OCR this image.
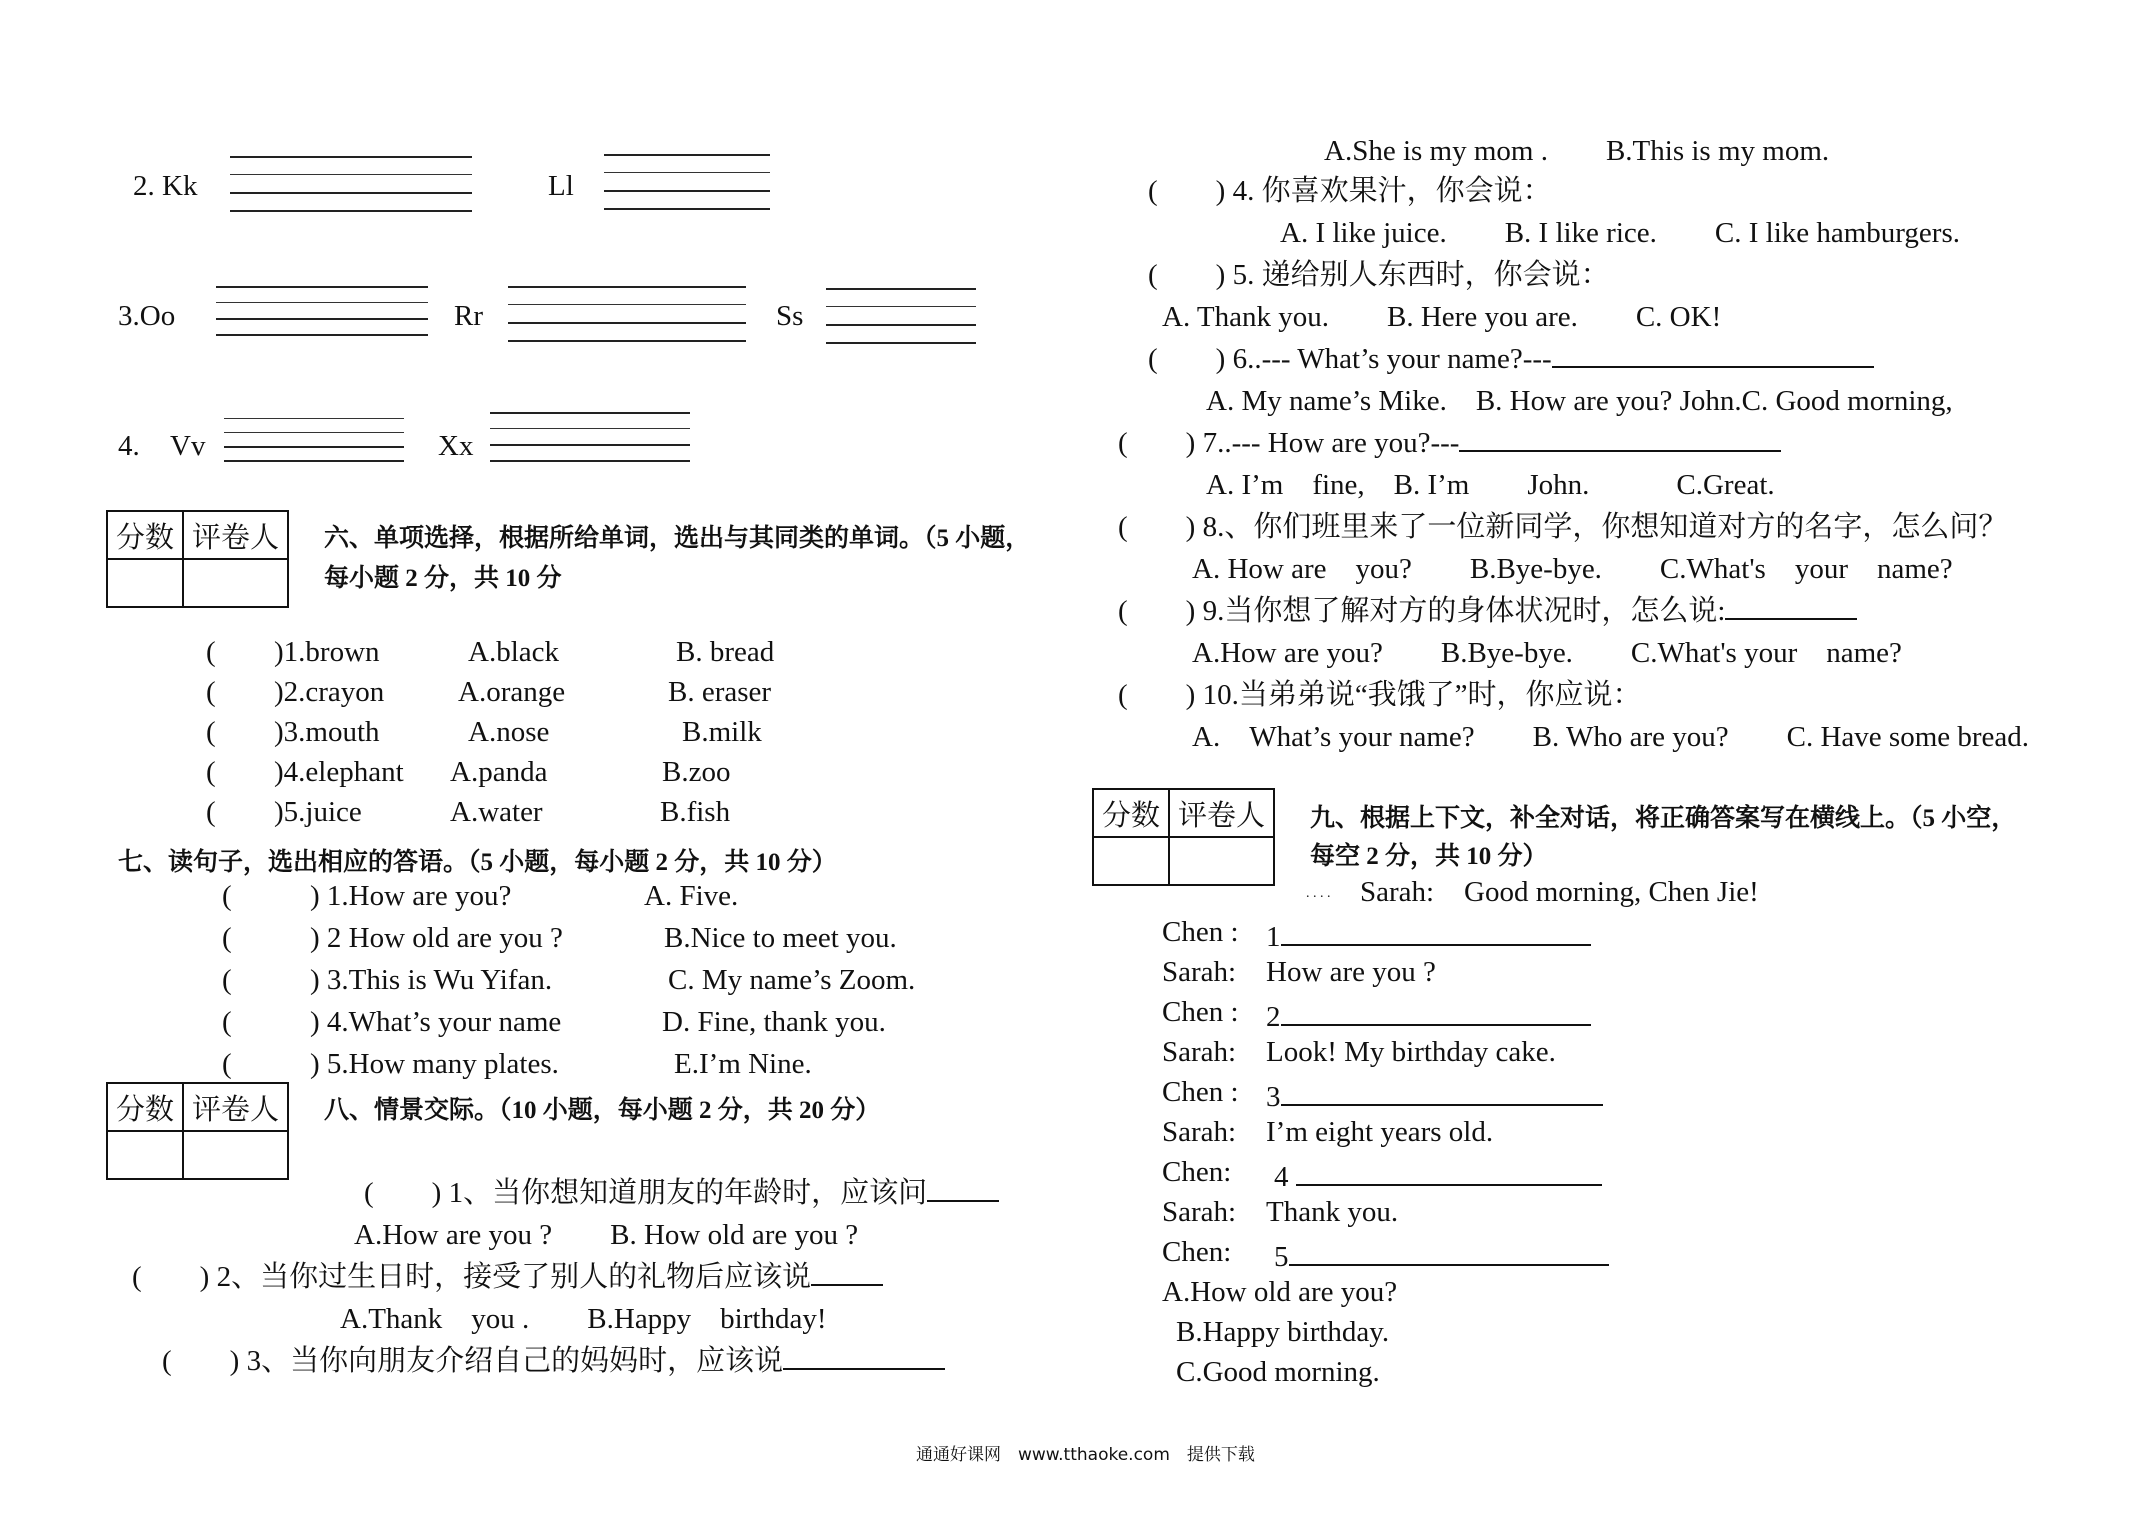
2. Kk	Ll
3.Oo	Rr	Ss
4. Vv	Xx
分数	评卷人
	六、单项选择，根据所给单词，选出与其同类的单词。（5 小题，
每小题 2 分，共 10 分
( )1.brown	A.black	B. bread
( )2.crayon	A.orange	B. eraser
( )3.mouth	A.nose	B.milk
( )4.elephant A.panda	B.zoo
( )5.juice	A.water	B.fish
七、读句子，选出相应的答语。（5 小题，每小题 2 分，共 10 分）
(	) 1.How are you?	A. Five.
(	) 2 How old are you ?	B.Nice to meet you.
(	) 3.This is Wu Yifan.	C. My name’s Zoom.
(	) 4.What’s your name	D. Fine, thank you.
(	) 5.How many plates.	E.I’m Nine.
分数	评卷人
	八、情景交际。（10 小题，每小题 2 分，共 20 分）
(　　) 1、当你想知道朋友的年龄时，应该问
A.How are you ?　　B. How old are you ?
(　　) 2、当你过生日时，接受了别人的礼物后应该说
A.Thank　you .　　B.Happy　birthday!
(　　) 3、当你向朋友介绍自己的妈妈时，应该说
A.She is my mom .　　B.This is my mom.
(　　) 4. 你喜欢果汁，你会说：
A. I like juice.　　B. I like rice.　　C. I like hamburgers.
(　　) 5. 递给别人东西时，你会说：
A. Thank you.　　B. Here you are.　　C. OK!
(　　) 6..--- What’s your name?---
A. My name’s Mike.　B. How are you? John.C. Good morning,
(　　) 7..--- How are you?---
A. I’m　fine,　B. I’m　　John.　　　C.Great.
(　　) 8.、你们班里来了一位新同学，你想知道对方的名字，怎么问？
A. How are　you?　　B.Bye-bye.　　C.What's　your　name?
(　　) 9.当你想了解对方的身体状况时，怎么说:
A.How are you?　　B.Bye-bye.　　C.What's your　name?
(　　) 10.当弟弟说“我饿了”时，你应说：
A.　What’s your name?　　B. Who are you?　　C. Have some bread.
分数	评卷人
	九、根据上下文，补全对话，将正确答案写在横线上。（5 小空，
每空 2 分，共 10 分）
. . . . Sarah: Good morning, Chen Jie!
Chen : 1
Sarah: How are you ?
Chen : 2
Sarah: Look! My birthday cake.
Chen : 3
Sarah: I’m eight years old.
Chen: 4
Sarah: Thank you.
Chen: 5
A.How old are you?
B.Happy birthday.
C.Good morning.
通通好课网　www.tthaoke.com　提供下载
